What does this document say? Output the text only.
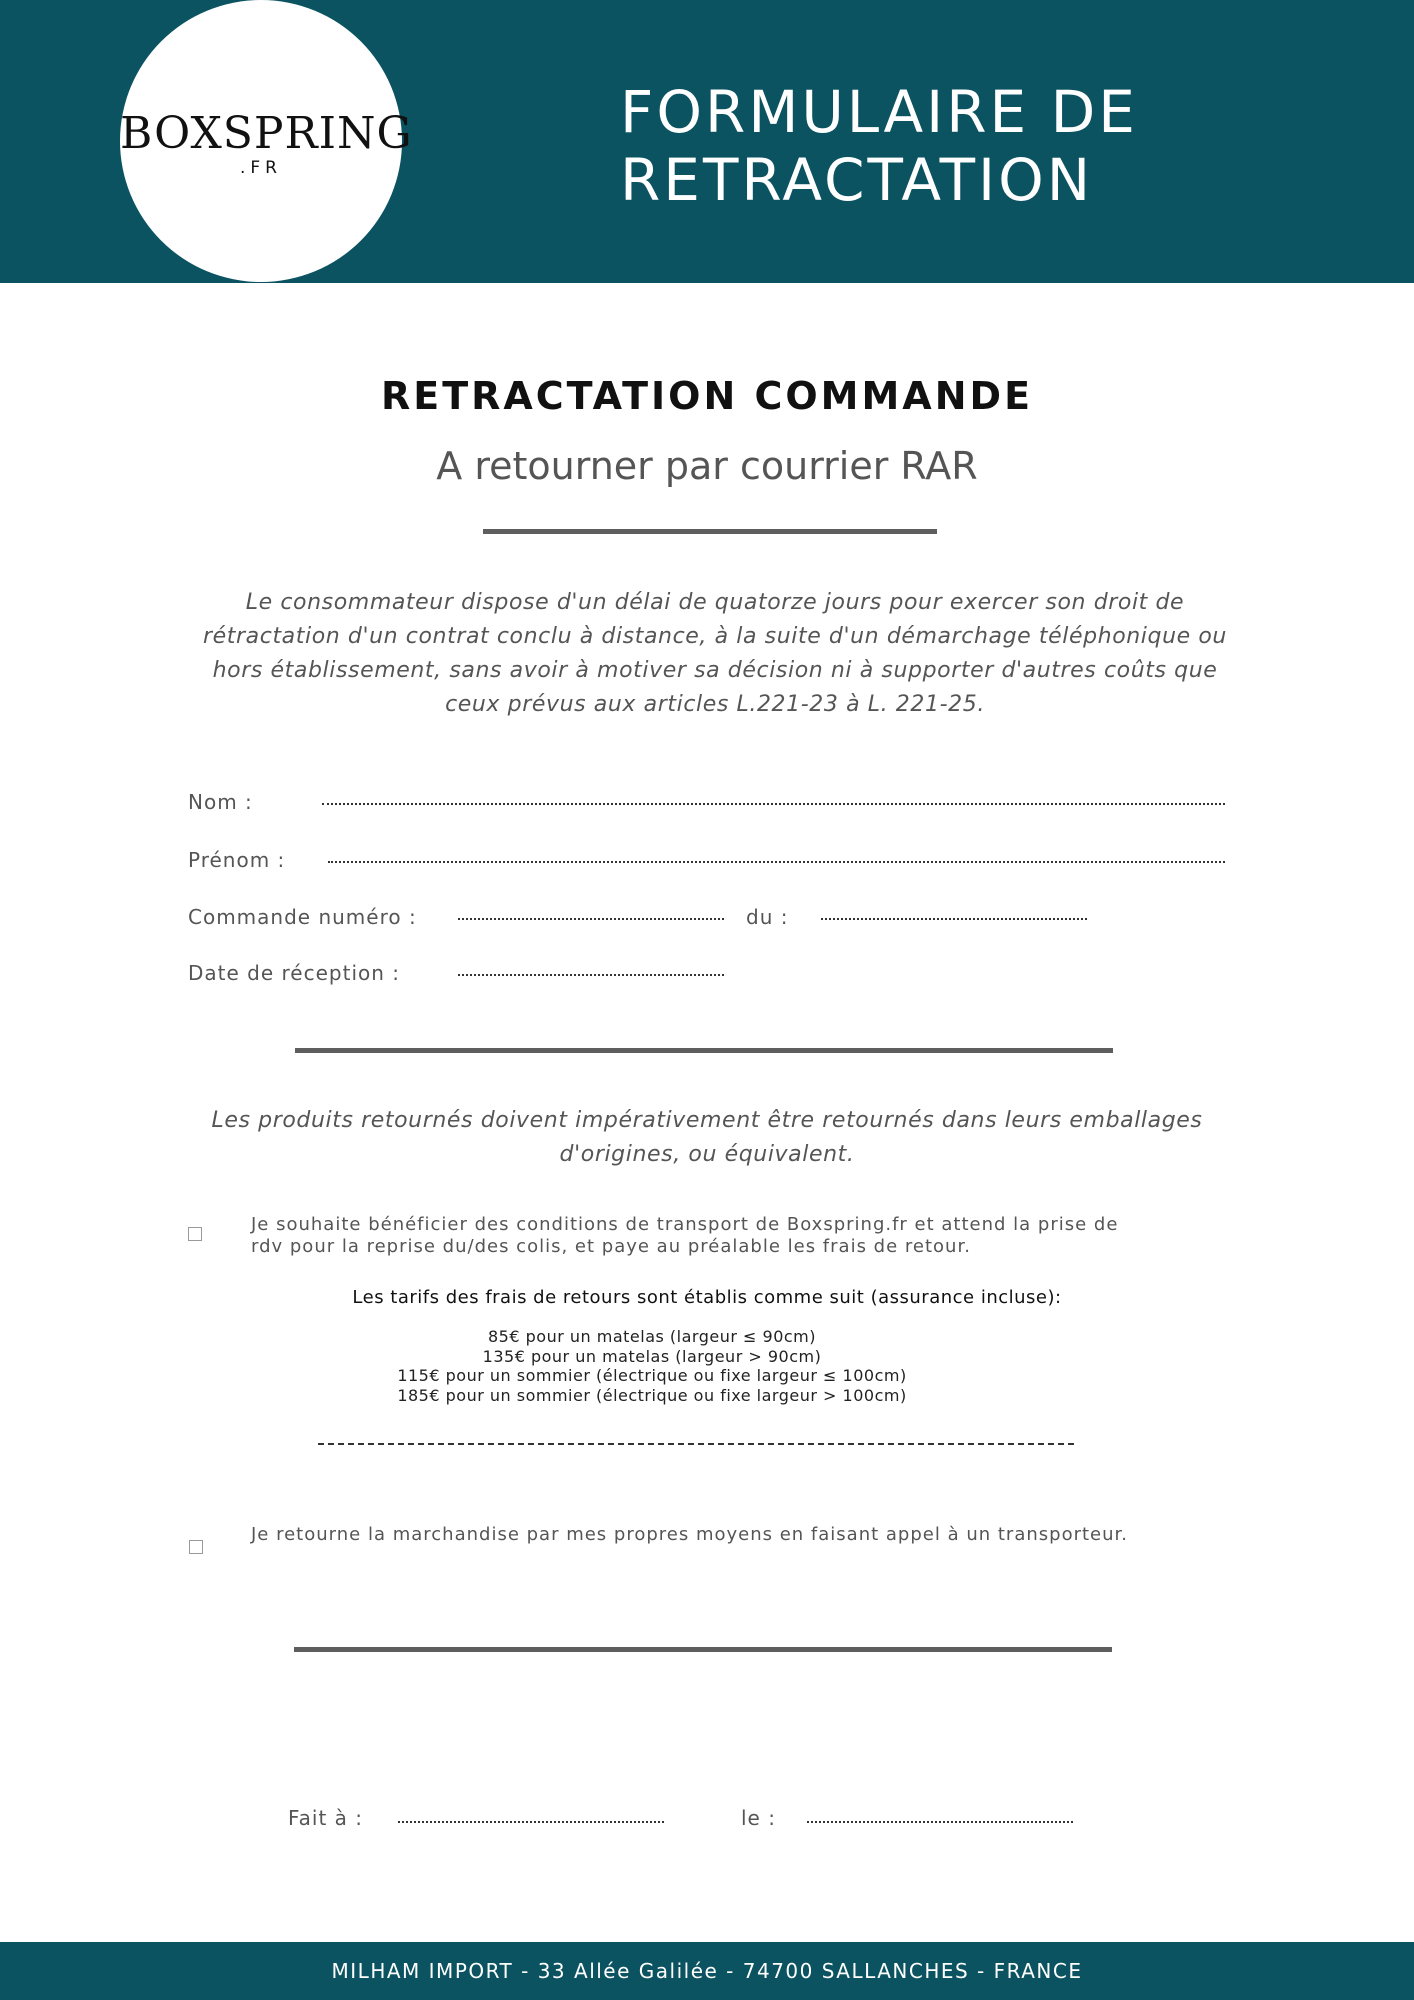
BOXSPRING
.FR
FORMULAIRE DE
RETRACTATION
RETRACTATION COMMANDE
A retourner par courrier RAR

Le consommateur dispose d'un délai de quatorze jours pour exercer son droit de rétractation d'un contrat conclu à distance, à la suite d'un démarchage téléphonique ou hors établissement, sans avoir à motiver sa décision ni à supporter d'autres coûts que ceux prévus aux articles L.221-23 à L. 221-25.

Nom :
Prénom :
Commande numéro :	du :
Date de réception :

Les produits retournés doivent impérativement être retournés dans leurs emballages d'origines, ou équivalent.

Je souhaite bénéficier des conditions de transport de Boxspring.fr et attend la prise de rdv pour la reprise du/des colis, et paye au préalable les frais de retour.
Les tarifs des frais de retours sont établis comme suit (assurance incluse):
85€ pour un matelas (largeur ≤ 90cm)
135€ pour un matelas (largeur > 90cm)
115€ pour un sommier (électrique ou fixe largeur ≤ 100cm)
185€ pour un sommier (électrique ou fixe largeur > 100cm)
Je retourne la marchandise par mes propres moyens en faisant appel à un transporteur.
Fait à :	le :
MILHAM IMPORT - 33 Allée Galilée - 74700 SALLANCHES - FRANCE
